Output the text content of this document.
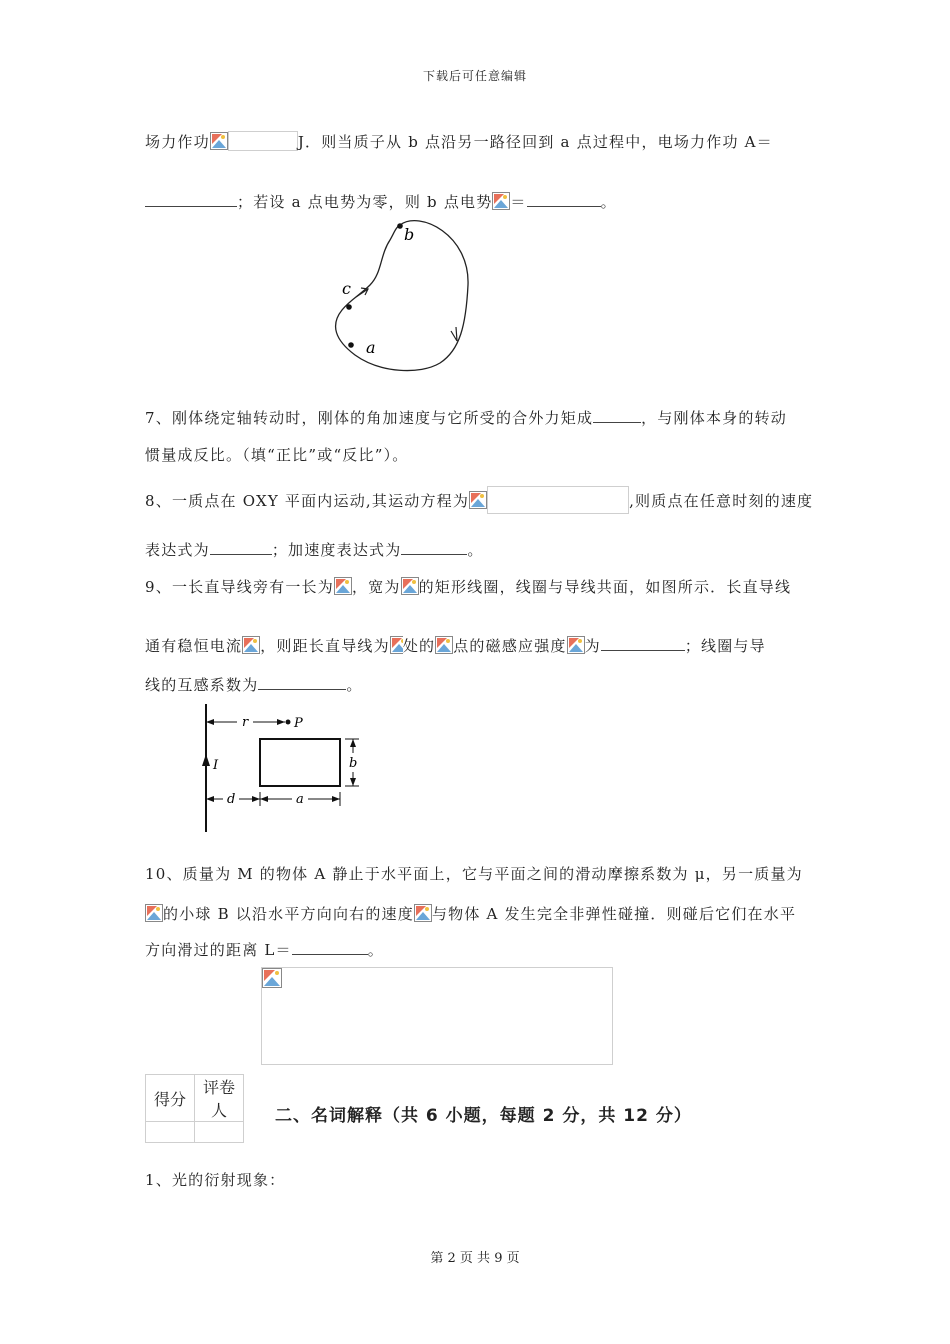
下载后可任意编辑
场力作功	J．则当质子从 b 点沿另一路径回到 a 点过程中，电场力作功 A＝
；若设 a 点电势为零，则 b 点电势 ＝	。
b
c
a
7、刚体绕定轴转动时，刚体的角加速度与它所受的合外力矩成	，与刚体本身的转动
惯量成反比。（填“正比”或“反比”）。
8、一质点在 OXY 平面内运动,其运动方程为	,则质点在任意时刻的速度
表达式为	；加速度表达式为	。
9、一长直导线旁有一长为 ，宽为 的矩形线圈，线圈与导线共面，如图所示．长直导线
通有稳恒电流 ，则距长直导线为 处的 点的磁感应强度 为	；线圈与导
线的互感系数为	。
I
r	P
b
d	a
10、质量为 M 的物体 A 静止于水平面上，它与平面之间的滑动摩擦系数为 μ，另一质量为
的小球 B 以沿水平方向向右的速度 与物体 A 发生完全非弹性碰撞．则碰后它们在水平
方向滑过的距离 L＝	。
得分	评卷人
		二、名词解释（共 6 小题，每题 2 分，共 12 分）
1、光的衍射现象：
第 2 页 共 9 页
